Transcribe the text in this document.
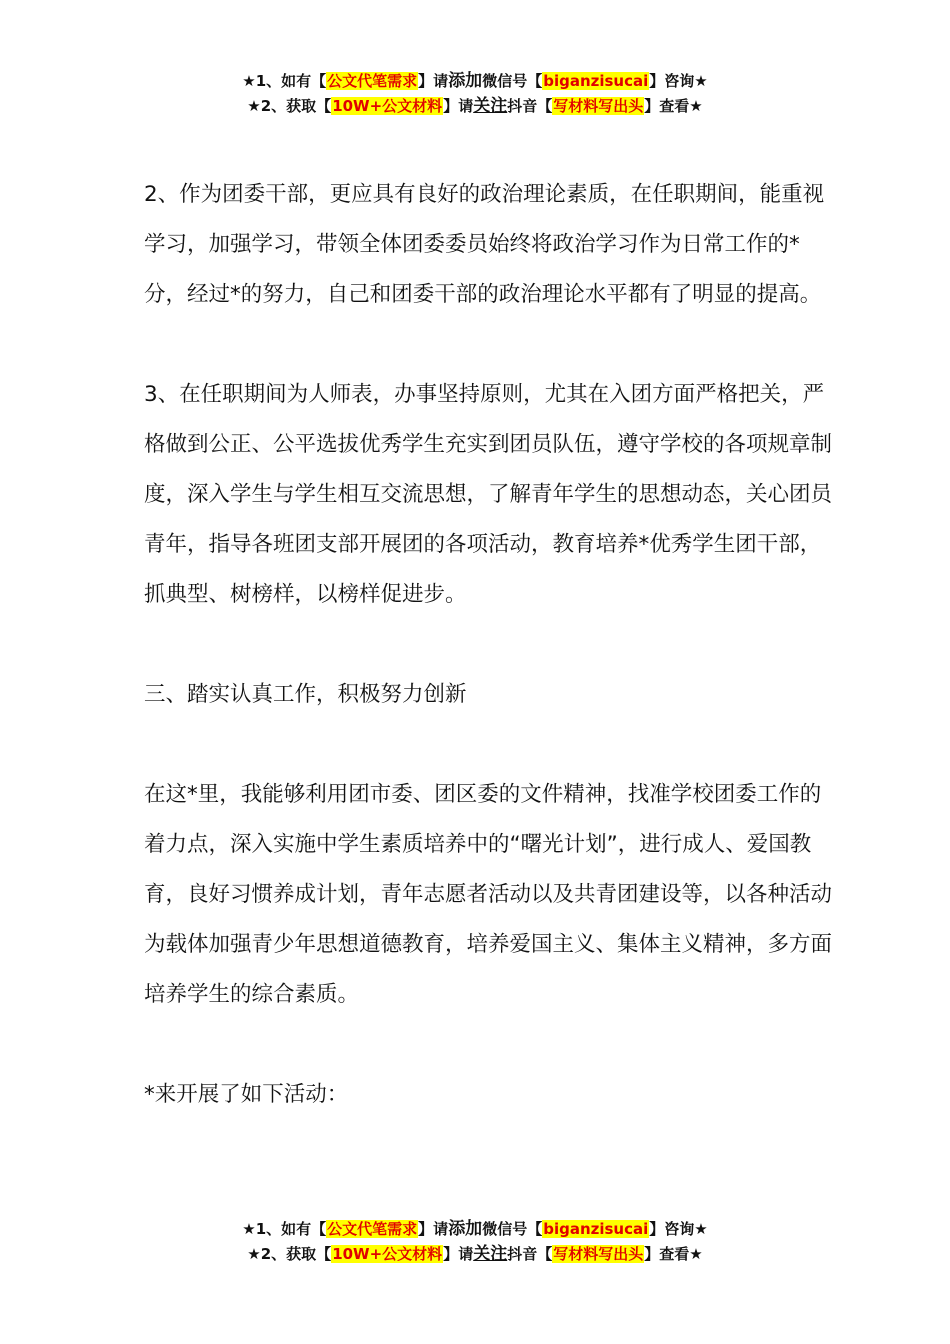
★1、如有【公文代笔需求】请添加微信号【biganzisucai】咨询★
★2、获取【10W+公文材料】请关注抖音【写材料写出头】查看★

2、作为团委干部，更应具有良好的政治理论素质，在任职期间，能重视学习，加强学习，带领全体团委委员始终将政治学习作为日常工作的*分，经过*的努力，自己和团委干部的政治理论水平都有了明显的提高。

3、在任职期间为人师表，办事坚持原则，尤其在入团方面严格把关，严格做到公正、公平选拔优秀学生充实到团员队伍，遵守学校的各项规章制度，深入学生与学生相互交流思想，了解青年学生的思想动态，关心团员青年，指导各班团支部开展团的各项活动，教育培养*优秀学生团干部，抓典型、树榜样，以榜样促进步。

三、踏实认真工作，积极努力创新

在这*里，我能够利用团市委、团区委的文件精神，找准学校团委工作的着力点，深入实施中学生素质培养中的“曙光计划”，进行成人、爱国教育，良好习惯养成计划，青年志愿者活动以及共青团建设等，以各种活动为载体加强青少年思想道德教育，培养爱国主义、集体主义精神，多方面培养学生的综合素质。

*来开展了如下活动：

★1、如有【公文代笔需求】请添加微信号【biganzisucai】咨询★
★2、获取【10W+公文材料】请关注抖音【写材料写出头】查看★
